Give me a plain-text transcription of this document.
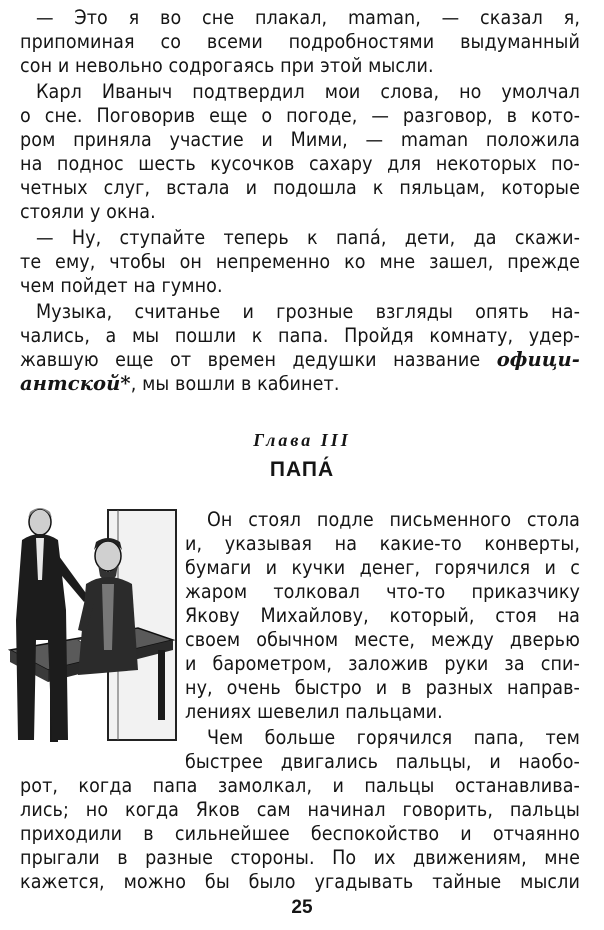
— Это я во сне плакал, maman, — сказал я,
припоминая со всеми подробностями выдуманный
сон и невольно содрогаясь при этой мысли.
Карл Иваныч подтвердил мои слова, но умолчал
о сне. Поговорив еще о погоде, — разговор, в кото-
ром приняла участие и Мими, — maman положила
на поднос шесть кусочков сахару для некоторых по-
четных слуг, встала и подошла к пяльцам, которые
стояли у окна.
— Ну, ступайте теперь к папа́, дети, да скажи-
те ему, чтобы он непременно ко мне зашел, прежде
чем пойдет на гумно.
Музыка, считанье и грозные взгляды опять на-
чались, а мы пошли к папа. Пройдя комнату, удер-
жавшую еще от времен дедушки название офици-
антской*, мы вошли в кабинет.
Глава III
ПАПА́
Он стоял подле письменного стола
и, указывая на какие-то конверты,
бумаги и кучки денег, горячился и с
жаром толковал что-то приказчику
Якову Михайлову, который, стоя на
своем обычном месте, между дверью
и барометром, заложив руки за спи-
ну, очень быстро и в разных направ-
лениях шевелил пальцами.
Чем больше горячился папа, тем
быстрее двигались пальцы, и наобо-
рот, когда папа замолкал, и пальцы останавлива-
лись; но когда Яков сам начинал говорить, пальцы
приходили в сильнейшее беспокойство и отчаянно
прыгали в разные стороны. По их движениям, мне
кажется, можно бы было угадывать тайные мысли
25
